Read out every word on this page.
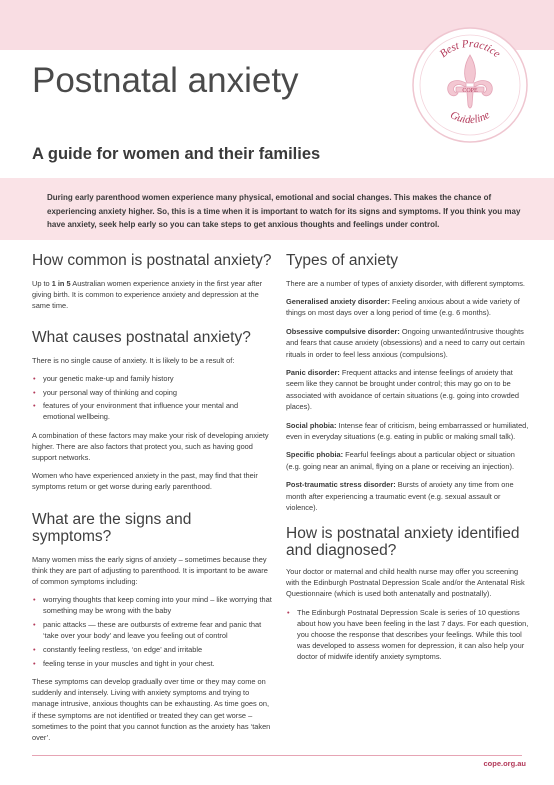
Postnatal anxiety
A guide for women and their families
Best Practice
Guideline
COPE
During early parenthood women experience many physical, emotional and social changes. This makes the chance of experiencing anxiety higher. So, this is a time when it is important to watch for its signs and symptoms. If you think you may have anxiety, seek help early so you can take steps to get anxious thoughts and feelings under control.
How common is postnatal anxiety?

Up to 1 in 5 Australian women experience anxiety in the first year after giving birth. It is common to experience anxiety and depression at the same time.

What causes postnatal anxiety?

There is no single cause of anxiety. It is likely to be a result of:

• your genetic make-up and family history
• your personal way of thinking and coping
• features of your environment that influence your mental and emotional wellbeing.

A combination of these factors may make your risk of developing anxiety higher. There are also factors that protect you, such as having good support networks.

Women who have experienced anxiety in the past, may find that their symptoms return or get worse during early parenthood.

What are the signs and symptoms?

Many women miss the early signs of anxiety – sometimes because they think they are part of adjusting to parenthood. It is important to be aware of common symptoms including:

• worrying thoughts that keep coming into your mind – like worrying that something may be wrong with the baby
• panic attacks — these are outbursts of extreme fear and panic that ‘take over your body’ and leave you feeling out of control
• constantly feeling restless, ‘on edge’ and irritable
• feeling tense in your muscles and tight in your chest.

These symptoms can develop gradually over time or they may come on suddenly and intensely. Living with anxiety symptoms and trying to manage intrusive, anxious thoughts can be exhausting. As time goes on, if these symptoms are not identified or treated they can get worse – sometimes to the point that you cannot function as the anxiety has ‘taken over’.

Types of anxiety

There are a number of types of anxiety disorder, with different symptoms.

Generalised anxiety disorder: Feeling anxious about a wide variety of things on most days over a long period of time (e.g. 6 months).

Obsessive compulsive disorder: Ongoing unwanted/intrusive thoughts and fears that cause anxiety (obsessions) and a need to carry out certain rituals in order to feel less anxious (compulsions).

Panic disorder: Frequent attacks and intense feelings of anxiety that seem like they cannot be brought under control; this may go on to be associated with avoidance of certain situations (e.g. going into crowded places).

Social phobia: Intense fear of criticism, being embarrassed or humiliated, even in everyday situations (e.g. eating in public or making small talk).

Specific phobia: Fearful feelings about a particular object or situation (e.g. going near an animal, flying on a plane or receiving an injection).

Post-traumatic stress disorder: Bursts of anxiety any time from one month after experiencing a traumatic event (e.g. sexual assault or violence).

How is postnatal anxiety identified and diagnosed?

Your doctor or maternal and child health nurse may offer you screening with the Edinburgh Postnatal Depression Scale and/or the Antenatal Risk Questionnaire (which is used both antenatally and postnatally).

• The Edinburgh Postnatal Depression Scale is series of 10 questions about how you have been feeling in the last 7 days. For each question, you choose the response that describes your feelings. While this tool was developed to assess women for depression, it can also help your doctor of midwife identify anxiety symptoms.
cope.org.au
